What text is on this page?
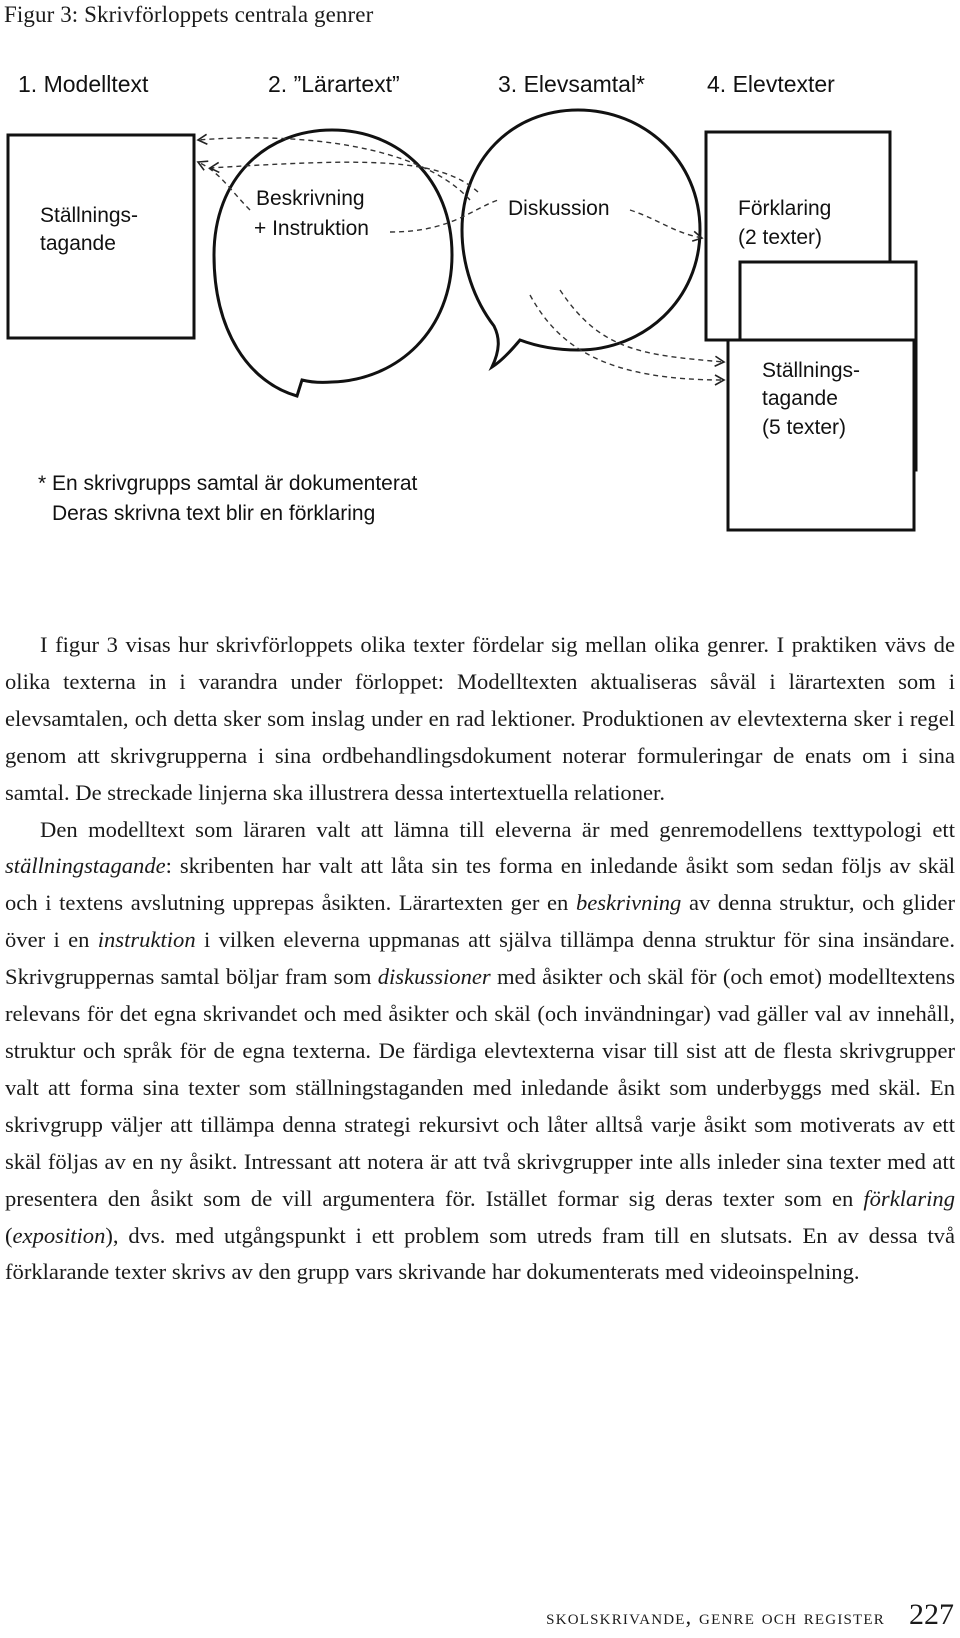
Figur 3: Skrivförloppets centrala genrer
1. Modelltext	2. ”Lärartext”	3. Elevsamtal*	4. Elevtexter
Ställnings-
tagande
Beskrivning
+ Instruktion
Diskussion	Förklaring
(2 texter)
Ställnings-
tagande
(5 texter)
* En skrivgrupps samtal är dokumenterat
Deras skrivna text blir en förklaring

I figur 3 visas hur skrivförloppets olika texter fördelar sig mellan olika genrer. I praktiken vävs de olika texterna in i varandra under förloppet: Modelltexten aktualiseras såväl i lärartexten som i elevsamtalen, och detta sker som inslag under en rad lektioner. Produktionen av elevtexterna sker i regel genom att skrivgrupperna i sina ordbehandlingsdokument noterar formuleringar de enats om i sina samtal. De streckade linjerna ska illustrera dessa intertextuella relationer.

Den modelltext som läraren valt att lämna till eleverna är med genremodellens texttypologi ett ställningstagande: skribenten har valt att låta sin tes forma en inledande åsikt som sedan följs av skäl och i textens avslutning upprepas åsikten. Lärartexten ger en beskrivning av denna struktur, och glider över i en instruktion i vilken eleverna uppmanas att själva tillämpa denna struktur för sina insändare. Skrivgruppernas samtal böljar fram som diskussioner med åsikter och skäl för (och emot) modelltextens relevans för det egna skrivandet och med åsikter och skäl (och invändningar) vad gäller val av innehåll, struktur och språk för de egna texterna. De färdiga elevtexterna visar till sist att de flesta skrivgrupper valt att forma sina texter som ställningstaganden med inledande åsikt som underbyggs med skäl. En skrivgrupp väljer att tillämpa denna strategi rekursivt och låter alltså varje åsikt som motiverats av ett skäl följas av en ny åsikt. Intressant att notera är att två skrivgrupper inte alls inleder sina texter med att presentera den åsikt som de vill argumentera för. Istället formar sig deras texter som en förklaring (exposition), dvs. med utgångspunkt i ett problem som utreds fram till en slutsats. En av dessa två förklarande texter skrivs av den grupp vars skrivande har dokumenterats med videoinspelning.

skolskrivande, genre och register 227
